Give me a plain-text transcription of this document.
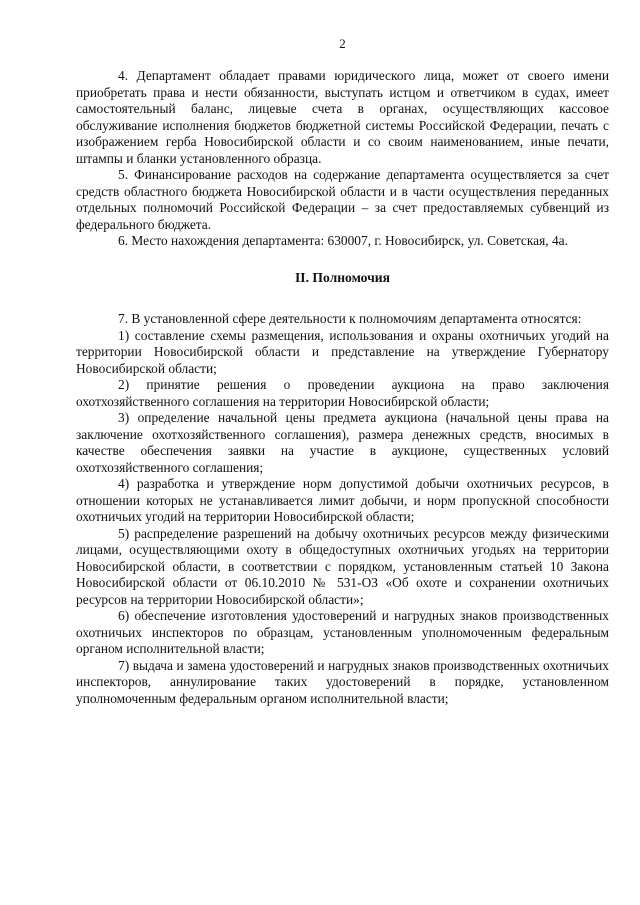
2

4. Департамент обладает правами юридического лица, может от своего имени приобретать права и нести обязанности, выступать истцом и ответчиком в судах, имеет самостоятельный баланс, лицевые счета в органах, осуществляющих кассовое обслуживание исполнения бюджетов бюджетной системы Российской Федерации, печать с изображением герба Новосибирской области и со своим наименованием, иные печати, штампы и бланки установленного образца.

5. Финансирование расходов на содержание департамента осуществляется за счет средств областного бюджета Новосибирской области и в части осуществления переданных отдельных полномочий Российской Федерации – за счет предоставляемых субвенций из федерального бюджета.

6. Место нахождения департамента: 630007, г. Новосибирск, ул. Советская, 4а.

II. Полномочия

7. В установленной сфере деятельности к полномочиям департамента относятся:

1) составление схемы размещения, использования и охраны охотничьих угодий на территории Новосибирской области и представление на утверждение Губернатору Новосибирской области;

2) принятие решения о проведении аукциона на право заключения охотхозяйственного соглашения на территории Новосибирской области;

3) определение начальной цены предмета аукциона (начальной цены права на заключение охотхозяйственного соглашения), размера денежных средств, вносимых в качестве обеспечения заявки на участие в аукционе, существенных условий охотхозяйственного соглашения;

4) разработка и утверждение норм допустимой добычи охотничьих ресурсов, в отношении которых не устанавливается лимит добычи, и норм пропускной способности охотничьих угодий на территории Новосибирской области;

5) распределение разрешений на добычу охотничьих ресурсов между физическими лицами, осуществляющими охоту в общедоступных охотничьих угодьях на территории Новосибирской области, в соответствии с порядком, установленным статьей 10 Закона Новосибирской области от 06.10.2010 № 531-ОЗ «Об охоте и сохранении охотничьих ресурсов на территории Новосибирской области»;

6) обеспечение изготовления удостоверений и нагрудных знаков производственных охотничьих инспекторов по образцам, установленным уполномоченным федеральным органом исполнительной власти;

7) выдача и замена удостоверений и нагрудных знаков производственных охотничьих инспекторов, аннулирование таких удостоверений в порядке, установленном уполномоченным федеральным органом исполнительной власти;
